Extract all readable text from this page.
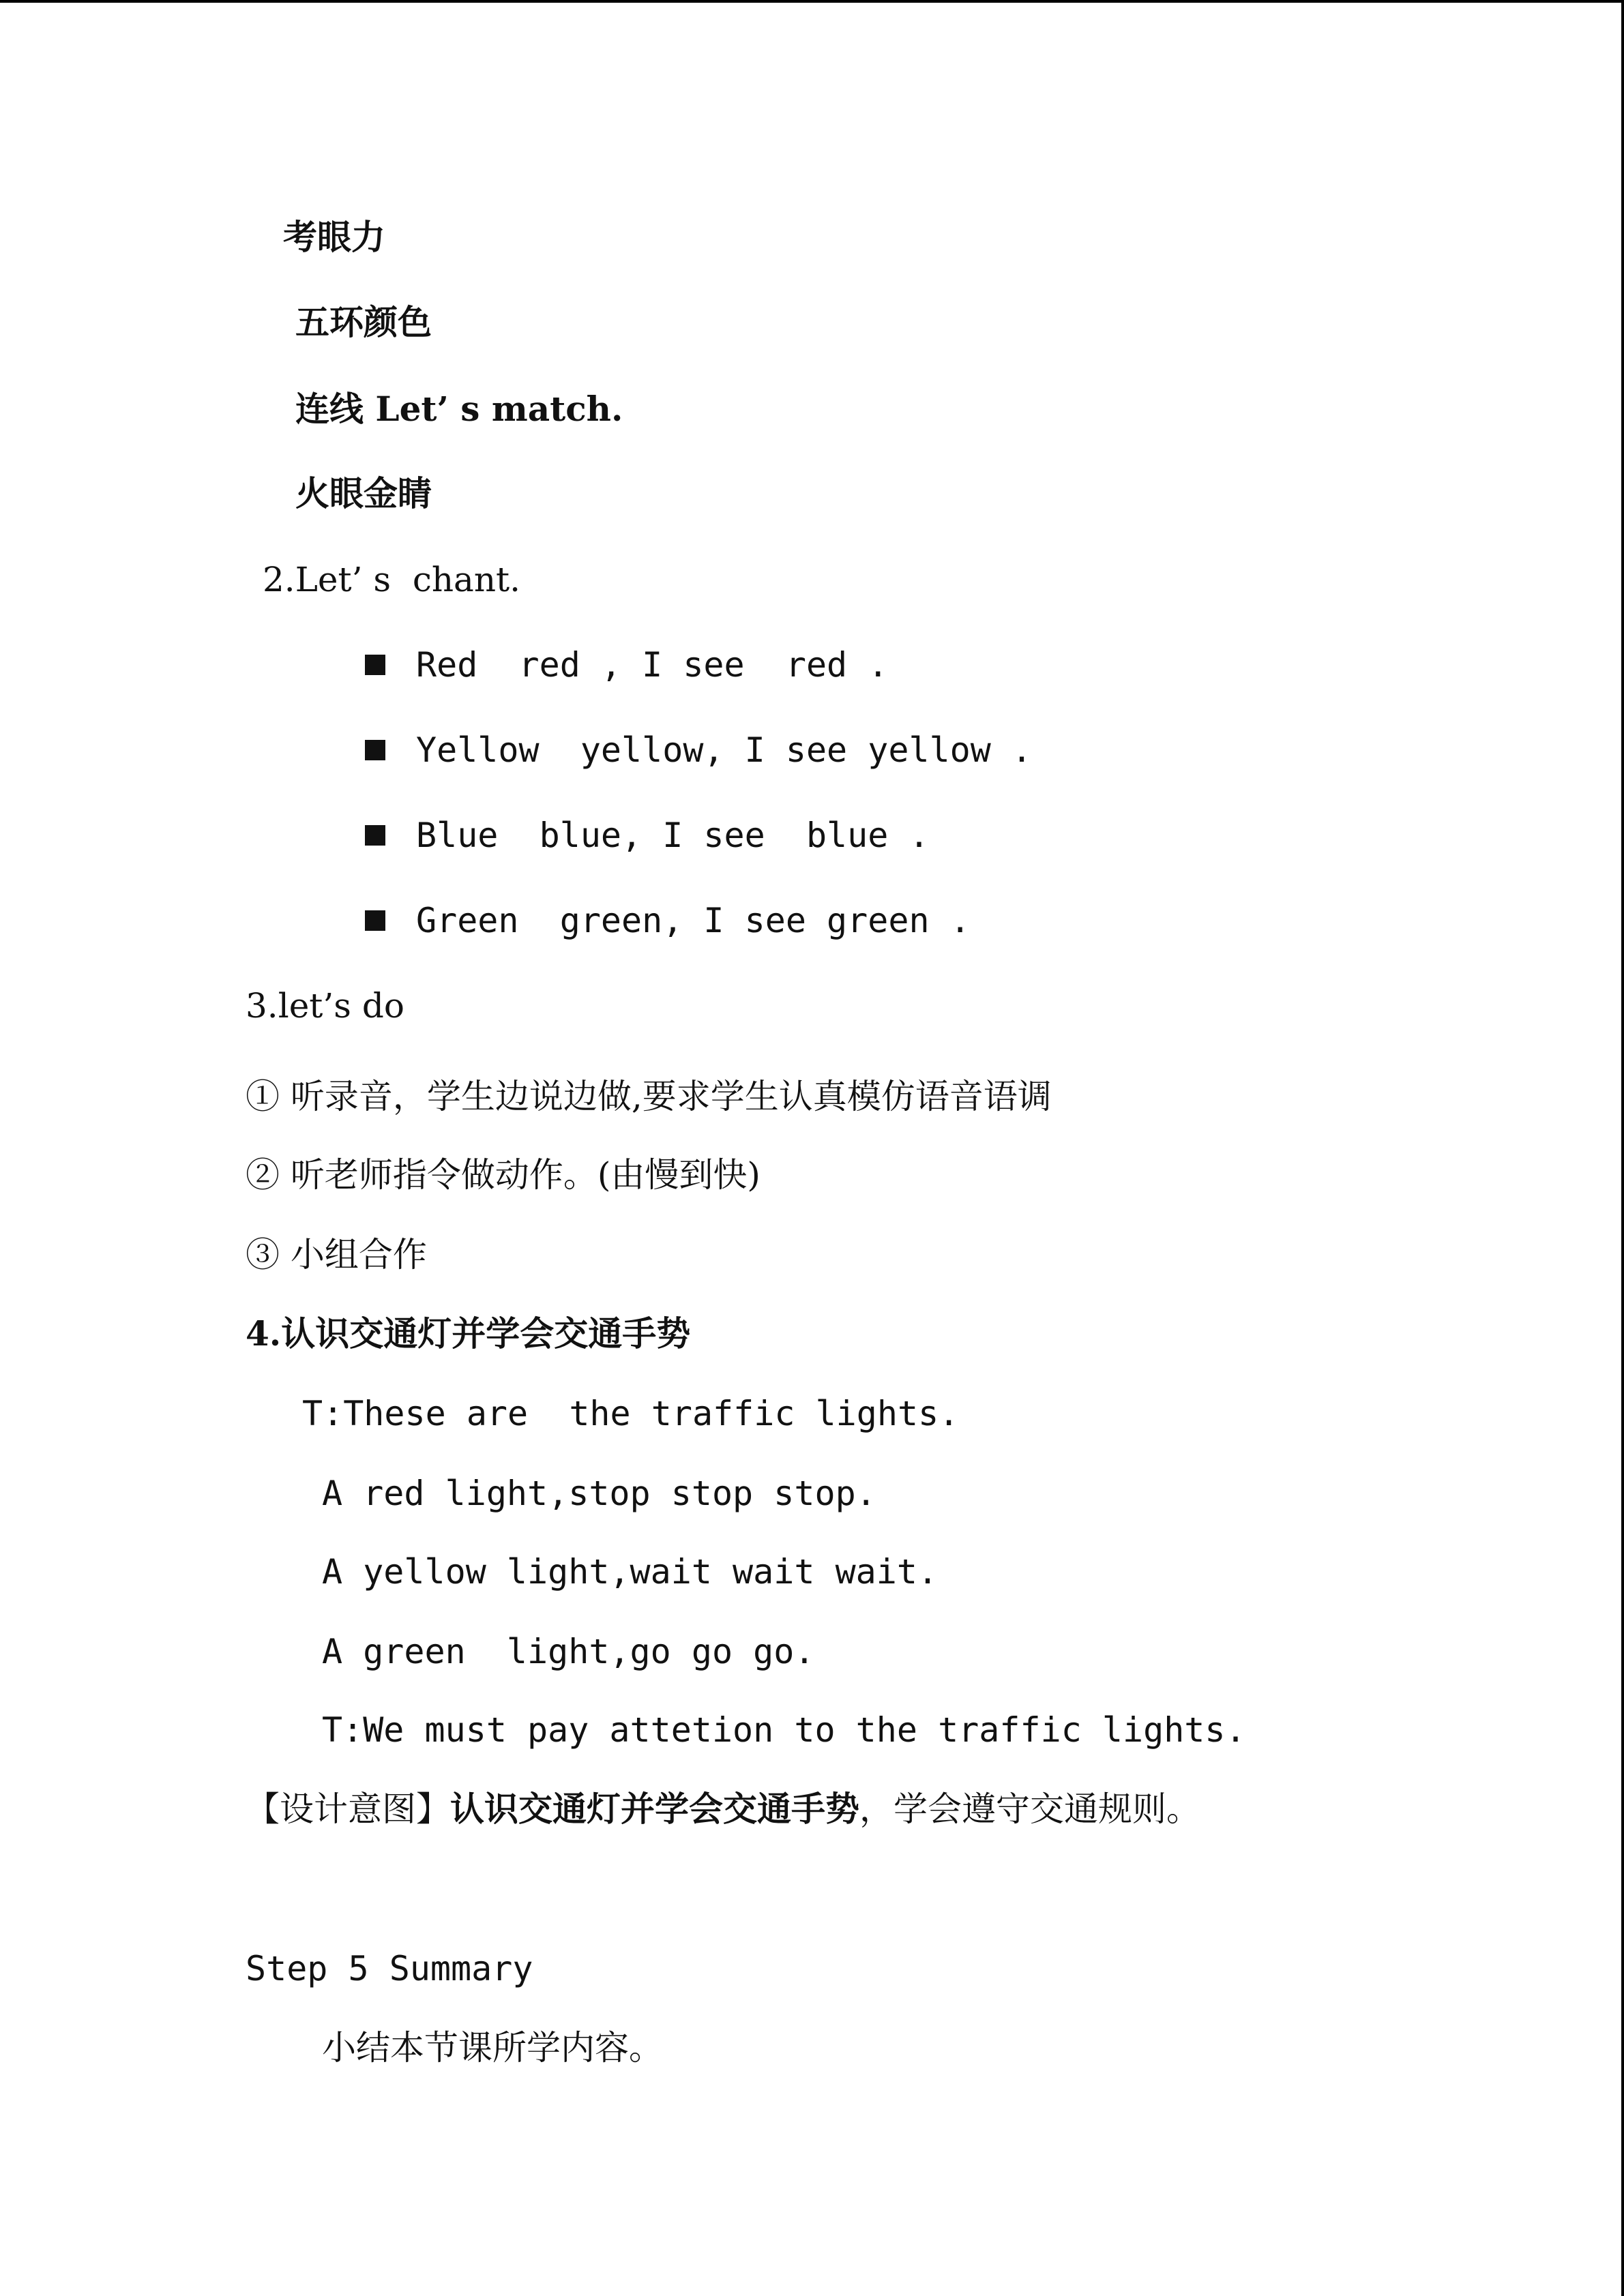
考眼力
五环颜色
连线 Let’ s match.
火眼金睛
2.Let’ s  chant.
Red  red , I see  red .
Yellow  yellow, I see yellow .
Blue  blue, I see  blue .
Green  green, I see green .
3.let’s do
① 听录音，学生边说边做,要求学生认真模仿语音语调
② 听老师指令做动作。(由慢到快)
③ 小组合作
4.认识交通灯并学会交通手势
T:These are  the traffic lights.
A red light,stop stop stop.
A yellow light,wait wait wait.
A green  light,go go go.
T:We must pay attetion to the traffic lights.
【设计意图】认识交通灯并学会交通手势，学会遵守交通规则。
Step 5 Summary
小结本节课所学内容。
